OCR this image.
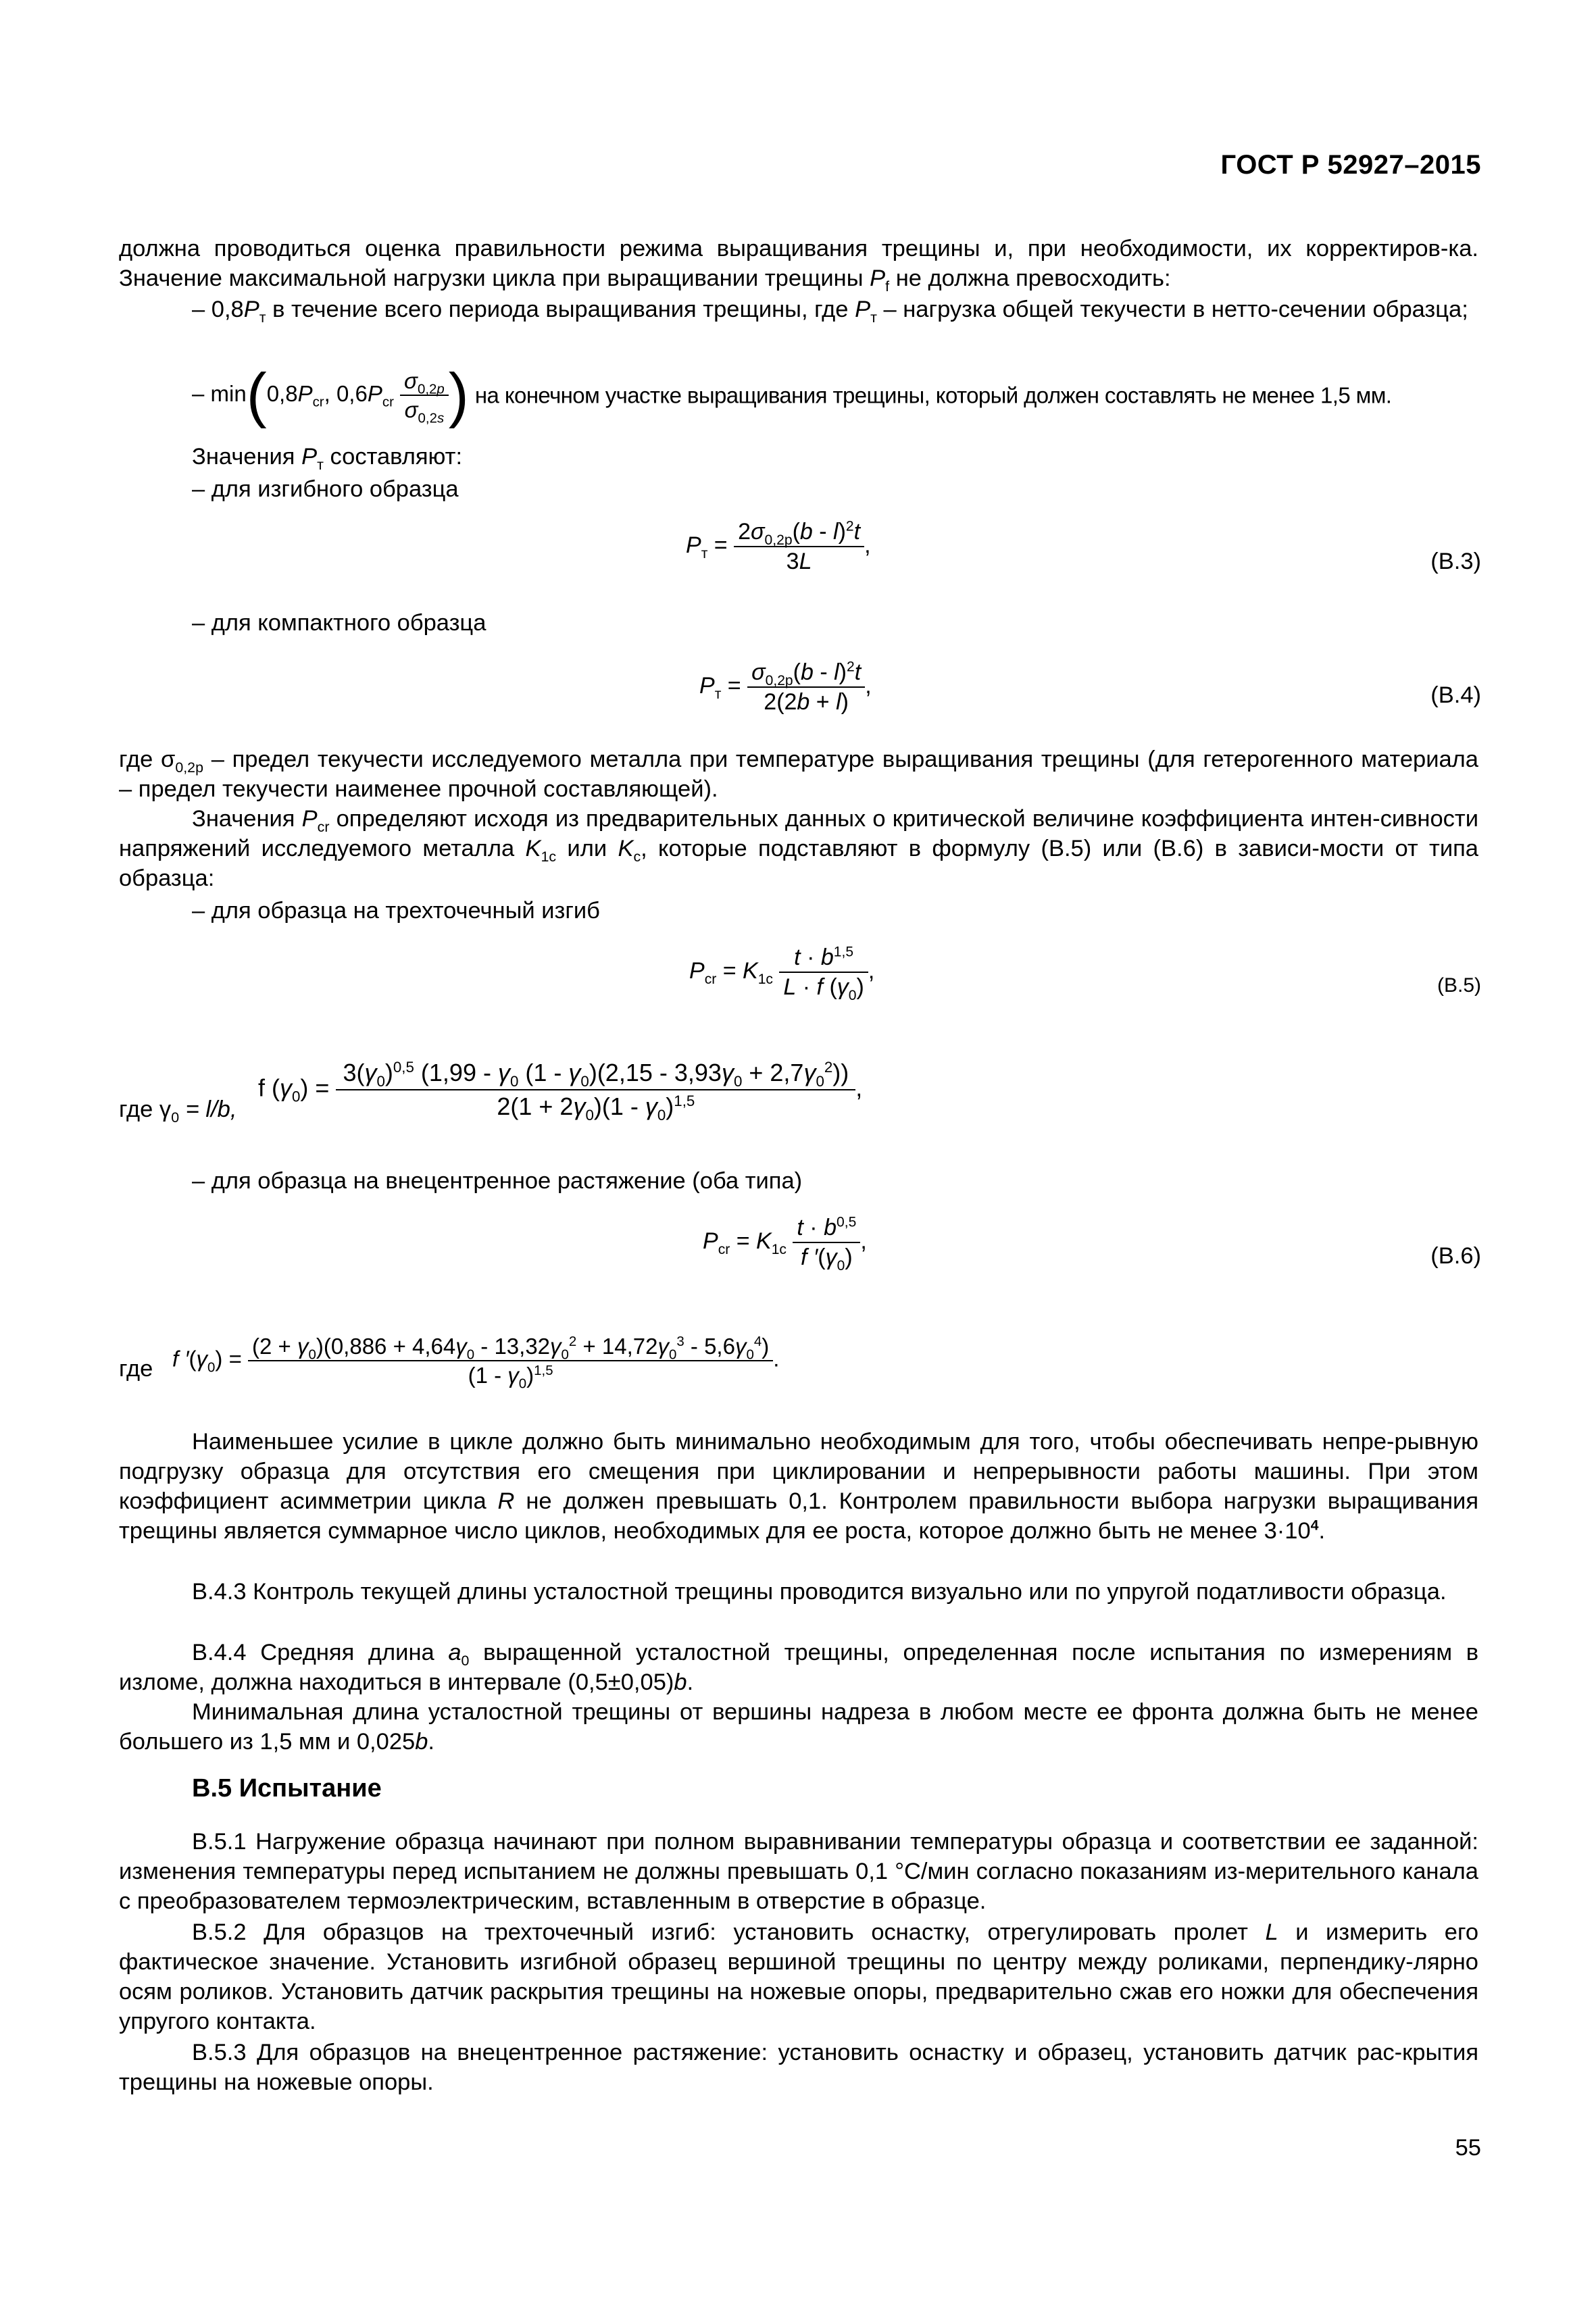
ГОСТ Р 52927–2015

должна проводиться оценка правильности режима выращивания трещины и, при необходимости, их корректиров-ка. Значение максимальной нагрузки цикла при выращивании трещины $P_f$ не должна превосходить:

– $0,8P_т$ в течение всего периода выращивания трещины, где $P_т$ – нагрузка общей текучести в нетто-сечении образца;

– $\min⁡(0,8P_{cr}$, $0,6P_{cr} \frac{\sigma_{0,2p}}{\sigma_{0,2s}}$ ) на конечном участке выращивания трещины, который должен составлять не менее 1,5 мм.
Значения $P_т$ составляют:
– для изгибного образца
$P_т = \frac{2\sigma_{0,2р}(b - l)^2t}{3L}$ ,
(В.3)
– для компактного образца
$P_т = \frac{\sigma_{0,2р}(b - l)^2t}{2(2b + l)}$ ,	(В.4)

где $\sigma_{0,2р}$ – предел текучести исследуемого металла при температуре выращивания трещины (для гетерогенного материала – предел текучести наименее прочной составляющей).

Значения $P_{cr}$ определяют исходя из предварительных данных о критической величине коэффициента интен-сивности напряжений исследуемого металла $K_{1c}$ или $K_c$, которые подставляют в формулу (В.5) или (В.6) в зависи-мости от типа образца:

– для образца на трехточечный изгиб
$P_{cr} = K_{1c} \frac{t \cdot b^{1,5}}{L \cdot f (\gamma_0)}$ ,
(В.5)
где $\gamma_0 = l/b$,
f $(\gamma_0) = \frac{3(\gamma_0)^{0,5} (1,99 - \gamma_0 (1 - \gamma_0)(2,15 - 3,93\gamma_0 + 2,7\gamma_0^2))}{2(1 + 2\gamma_0)(1 - \gamma_0)^{1,5}}$ ,
– для образца на внецентренное растяжение (оба типа)
$P_{cr} = K_{1c} \frac{t \cdot b^{0,5}}{f '(\gamma_0)}$ ,
(В.6)
где f $'(\gamma_0) = \frac{(2 + \gamma_0)(0,886 + 4,64\gamma_0 - 13,32\gamma_0^2 + 14,72\gamma_0^3 - 5,6\gamma_0^4)}{(1 - \gamma_0)^{1,5}}$ .

Наименьшее усилие в цикле должно быть минимально необходимым для того, чтобы обеспечивать непре-рывную подгрузку образца для отсутствия его смещения при циклировании и непрерывности работы машины. При этом коэффициент асимметрии цикла R не должен превышать 0,1. Контролем правильности выбора нагрузки выращивания трещины является суммарное число циклов, необходимых для ее роста, которое должно быть не менее $3\cdot 10^4$.

В.4.3 Контроль текущей длины усталостной трещины проводится визуально или по упругой податливости образца.

В.4.4 Средняя длина $a_0$ выращенной усталостной трещины, определенная после испытания по измерениям в изломе, должна находиться в интервале (0,5±0,05)b.

Минимальная длина усталостной трещины от вершины надреза в любом месте ее фронта должна быть не менее большего из 1,5 мм и 0,025b.

В.5 Испытание

В.5.1 Нагружение образца начинают при полном выравнивании температуры образца и соответствии ее заданной: изменения температуры перед испытанием не должны превышать 0,1 °С/мин согласно показаниям из-мерительного канала с преобразователем термоэлектрическим, вставленным в отверстие в образце.

В.5.2 Для образцов на трехточечный изгиб: установить оснастку, отрегулировать пролет L и измерить его фактическое значение. Установить изгибной образец вершиной трещины по центру между роликами, перпендику-лярно осям роликов. Установить датчик раскрытия трещины на ножевые опоры, предварительно сжав его ножки для обеспечения упругого контакта.

В.5.3 Для образцов на внецентренное растяжение: установить оснастку и образец, установить датчик рас-крытия трещины на ножевые опоры.

55
